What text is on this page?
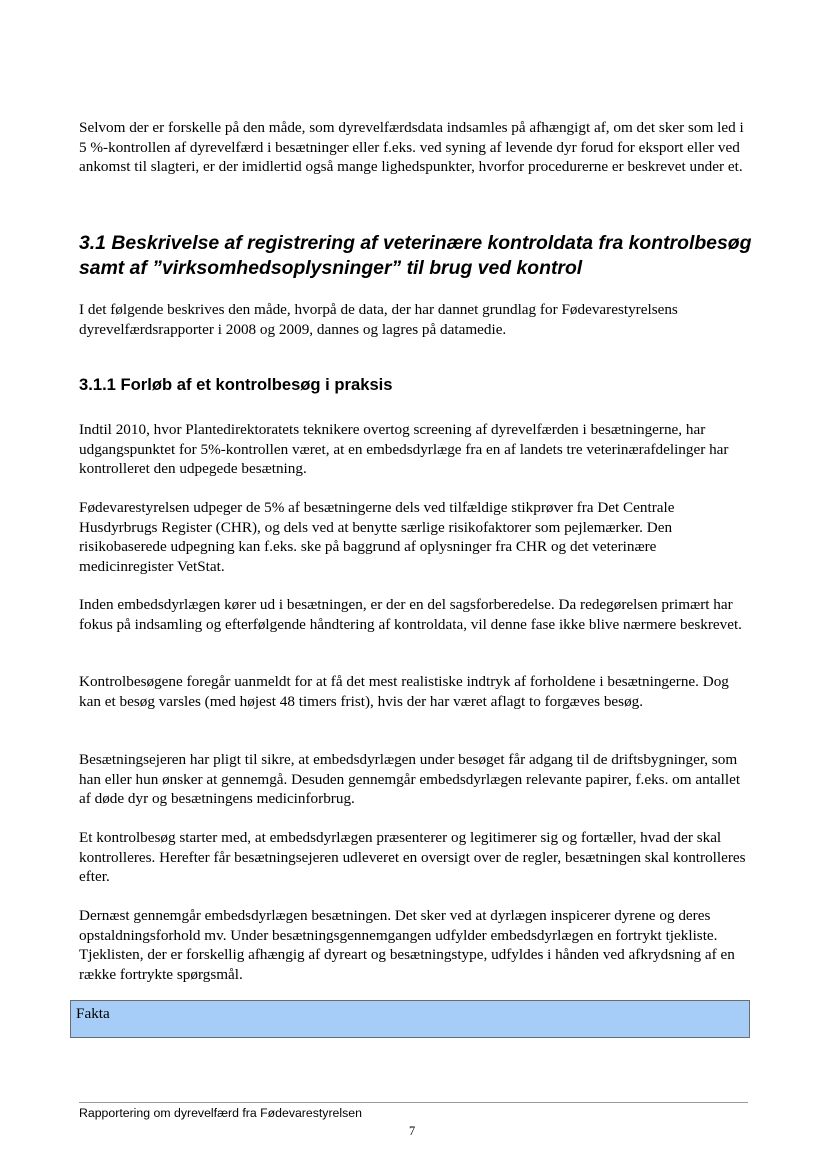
Selvom der er forskelle på den måde, som dyrevelfærdsdata indsamles på afhængigt af, om det sker som led i 5 %-kontrollen af dyrevelfærd i besætninger eller f.eks. ved syning af levende dyr forud for eksport eller ved ankomst til slagteri, er der imidlertid også mange lighedspunkter, hvorfor procedurerne er beskrevet under et.

3.1 Beskrivelse af registrering af veterinære kontroldata fra kontrolbesøg samt af ”virksomhedsoplysninger” til brug ved kontrol

I det følgende beskrives den måde, hvorpå de data, der har dannet grundlag for Fødevarestyrelsens dyrevelfærdsrapporter i 2008 og 2009, dannes og lagres på datamedie.

3.1.1 Forløb af et kontrolbesøg i praksis

Indtil 2010, hvor Plantedirektoratets teknikere overtog screening af dyrevelfærden i besætningerne, har udgangspunktet for 5%-kontrollen været, at en embedsdyrlæge fra en af landets tre veterinærafdelinger har kontrolleret den udpegede besætning.

Fødevarestyrelsen udpeger de 5% af besætningerne dels ved tilfældige stikprøver fra Det Centrale Husdyrbrugs Register (CHR), og dels ved at benytte særlige risikofaktorer som pejlemærker. Den risikobaserede udpegning kan f.eks. ske på baggrund af oplysninger fra CHR og det veterinære medicinregister VetStat.

Inden embedsdyrlægen kører ud i besætningen, er der en del sagsforberedelse. Da redegørelsen primært har fokus på indsamling og efterfølgende håndtering af kontroldata, vil denne fase ikke blive nærmere beskrevet.

Kontrolbesøgene foregår uanmeldt for at få det mest realistiske indtryk af forholdene i besætningerne. Dog kan et besøg varsles (med højest 48 timers frist), hvis der har været aflagt to forgæves besøg.

Besætningsejeren har pligt til sikre, at embedsdyrlægen under besøget får adgang til de driftsbygninger, som han eller hun ønsker at gennemgå. Desuden gennemgår embedsdyrlægen relevante papirer, f.eks. om antallet af døde dyr og besætningens medicinforbrug.

Et kontrolbesøg starter med, at embedsdyrlægen præsenterer og legitimerer sig og fortæller, hvad der skal kontrolleres. Herefter får besætningsejeren udleveret en oversigt over de regler, besætningen skal kontrolleres efter.

Dernæst gennemgår embedsdyrlægen besætningen. Det sker ved at dyrlægen inspicerer dyrene og deres opstaldningsforhold mv. Under besætningsgennemgangen udfylder embedsdyrlægen en fortrykt tjekliste. Tjeklisten, der er forskellig afhængig af dyreart og besætningstype, udfyldes i hånden ved afkrydsning af en række fortrykte spørgsmål.

Fakta
Rapportering om dyrevelfærd fra Fødevarestyrelsen
7
